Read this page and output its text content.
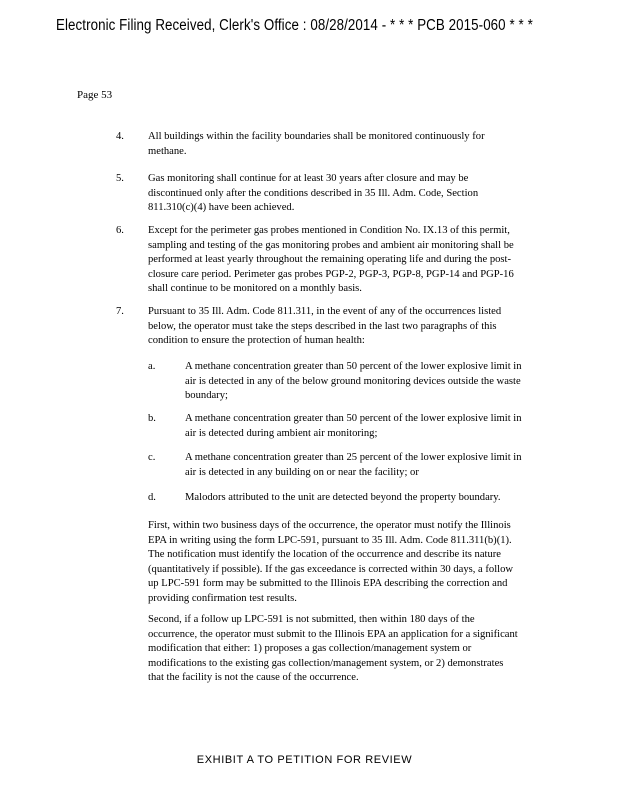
Electronic Filing Received, Clerk's Office : 08/28/2014 - * * * PCB 2015-060 * * *
Page 53
4. All buildings within the facility boundaries shall be monitored continuously for methane.
5. Gas monitoring shall continue for at least 30 years after closure and may be discontinued only after the conditions described in 35 Ill. Adm. Code, Section 811.310(c)(4) have been achieved.
6. Except for the perimeter gas probes mentioned in Condition No. IX.13 of this permit, sampling and testing of the gas monitoring probes and ambient air monitoring shall be performed at least yearly throughout the remaining operating life and during the post-closure care period. Perimeter gas probes PGP-2, PGP-3, PGP-8, PGP-14 and PGP-16 shall continue to be monitored on a monthly basis.
7. Pursuant to 35 Ill. Adm. Code 811.311, in the event of any of the occurrences listed below, the operator must take the steps described in the last two paragraphs of this condition to ensure the protection of human health:
a.	A methane concentration greater than 50 percent of the lower explosive limit in air is detected in any of the below ground monitoring devices outside the waste boundary;
b.	A methane concentration greater than 50 percent of the lower explosive limit in air is detected during ambient air monitoring;
c.	A methane concentration greater than 25 percent of the lower explosive limit in air is detected in any building on or near the facility; or
d.	Malodors attributed to the unit are detected beyond the property boundary.
First, within two business days of the occurrence, the operator must notify the Illinois EPA in writing using the form LPC-591, pursuant to 35 Ill. Adm. Code 811.311(b)(1). The notification must identify the location of the occurrence and describe its nature (quantitatively if possible). If the gas exceedance is corrected within 30 days, a follow up LPC-591 form may be submitted to the Illinois EPA describing the correction and providing confirmation test results.
Second, if a follow up LPC-591 is not submitted, then within 180 days of the occurrence, the operator must submit to the Illinois EPA an application for a significant modification that either: 1) proposes a gas collection/management system or modifications to the existing gas collection/management system, or 2) demonstrates that the facility is not the cause of the occurrence.
EXHIBIT A TO PETITION FOR REVIEW
